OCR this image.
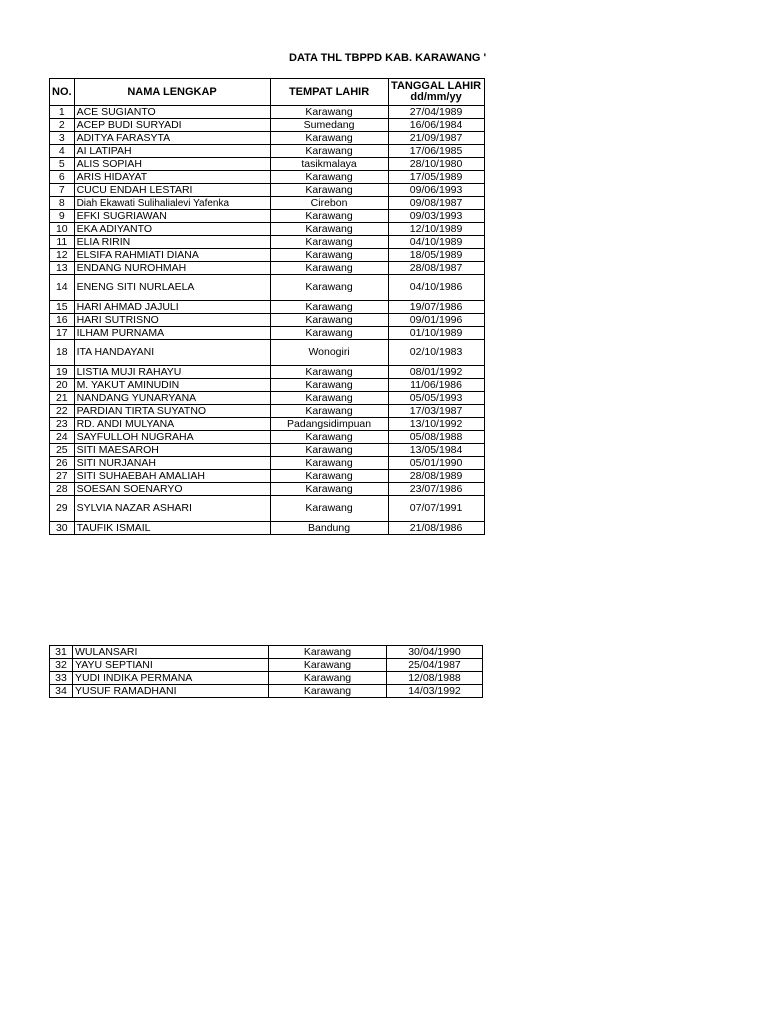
DATA THL TBPPD KAB. KARAWANG '
NO.	NAMA LENGKAP	TEMPAT LAHIR	TANGGAL LAHIR
dd/mm/yy

1	ACE SUGIANTO	Karawang	27/04/1989
2	ACEP BUDI SURYADI	Sumedang	16/06/1984
3	ADITYA FARASYTA	Karawang	21/09/1987
4	AI LATIPAH	Karawang	17/06/1985
5	ALIS SOPIAH	tasikmalaya	28/10/1980
6	ARIS HIDAYAT	Karawang	17/05/1989
7	CUCU ENDAH LESTARI	Karawang	09/06/1993
8	Diah Ekawati Sulihalialevi Yafenka	Cirebon	09/08/1987
9	EFKI SUGRIAWAN	Karawang	09/03/1993
10	EKA ADIYANTO	Karawang	12/10/1989
11	ELIA RIRIN	Karawang	04/10/1989
12	ELSIFA RAHMIATI DIANA	Karawang	18/05/1989
13	ENDANG NUROHMAH	Karawang	28/08/1987
14	ENENG SITI NURLAELA	Karawang	04/10/1986
15	HARI AHMAD JAJULI	Karawang	19/07/1986
16	HARI SUTRISNO	Karawang	09/01/1996
17	ILHAM PURNAMA	Karawang	01/10/1989
18	ITA HANDAYANI	Wonogiri	02/10/1983
19	LISTIA MUJI RAHAYU	Karawang	08/01/1992
20	M. YAKUT AMINUDIN	Karawang	11/06/1986
21	NANDANG YUNARYANA	Karawang	05/05/1993
22	PARDIAN TIRTA SUYATNO	Karawang	17/03/1987
23	RD. ANDI MULYANA	Padangsidimpuan	13/10/1992
24	SAYFULLOH NUGRAHA	Karawang	05/08/1988
25	SITI MAESAROH	Karawang	13/05/1984
26	SITI NURJANAH	Karawang	05/01/1990
27	SITI SUHAEBAH AMALIAH	Karawang	28/08/1989
28	SOESAN SOENARYO	Karawang	23/07/1986
29	SYLVIA NAZAR ASHARI	Karawang	07/07/1991
30	TAUFIK ISMAIL	Bandung	21/08/1986
31	WULANSARI	Karawang	30/04/1990
32	YAYU SEPTIANI	Karawang	25/04/1987
33	YUDI INDIKA PERMANA	Karawang	12/08/1988
34	YUSUF RAMADHANI	Karawang	14/03/1992
